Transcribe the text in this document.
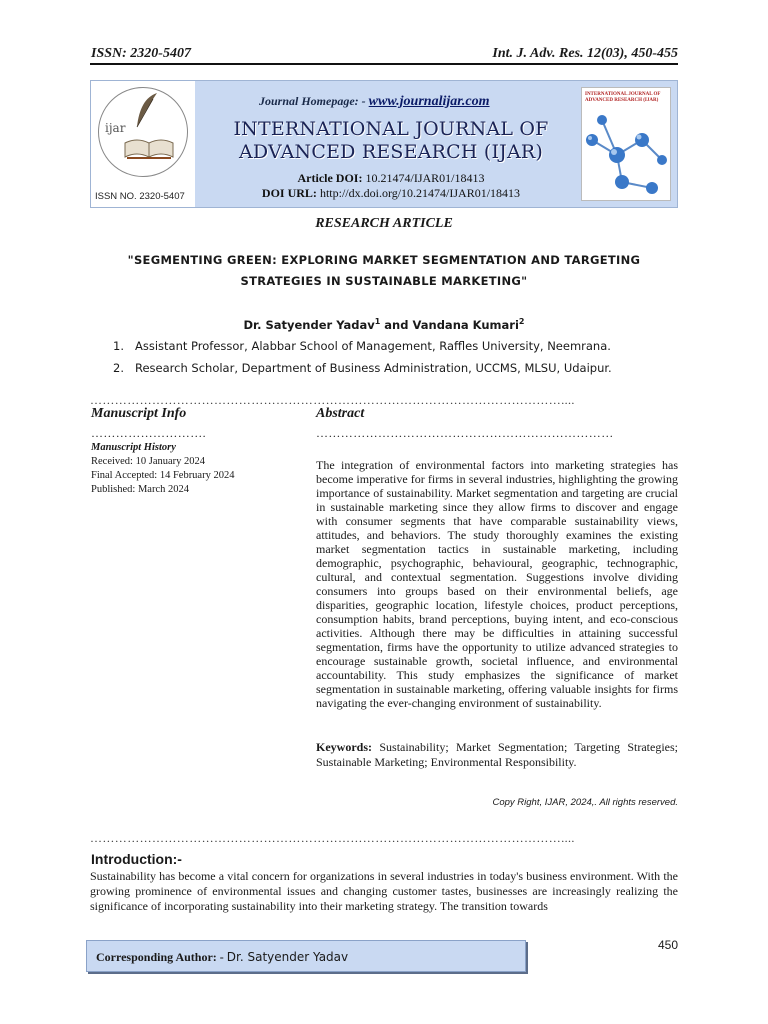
ISSN: 2320-5407	Int. J. Adv. Res. 12(03), 450-455
ijar
ISSN NO. 2320-5407
Journal Homepage: - www.journalijar.com
INTERNATIONAL JOURNAL OF
ADVANCED RESEARCH (IJAR)
Article DOI: 10.21474/IJAR01/18413
DOI URL: http://dx.doi.org/10.21474/IJAR01/18413
INTERNATIONAL JOURNAL OF ADVANCED RESEARCH (IJAR)
RESEARCH ARTICLE
"SEGMENTING GREEN: EXPLORING MARKET SEGMENTATION AND TARGETING
STRATEGIES IN SUSTAINABLE MARKETING"
Dr. Satyender Yadav$^1$ and Vandana Kumari$^2$
1. Assistant Professor, Alabbar School of Management, Raffles University, Neemrana.
2. Research Scholar, Department of Business Administration, UCCMS, MLSU, Udaipur.
……………………………………………………………………………………………………....
Manuscript Info
……………………….
Manuscript History
Received: 10 January 2024
Final Accepted: 14 February 2024
Published: March 2024
Abstract
………………………………………………………………
The integration of environmental factors into marketing strategies has become imperative for firms in several industries, highlighting the growing importance of sustainability. Market segmentation and targeting are crucial in sustainable marketing since they allow firms to discover and engage with consumer segments that have comparable sustainability views, attitudes, and behaviors. The study thoroughly examines the existing market segmentation tactics in sustainable marketing, including demographic, psychographic, behavioural, geographic, technographic, cultural, and contextual segmentation. Suggestions involve dividing consumers into groups based on their environmental beliefs, age disparities, geographic location, lifestyle choices, product perceptions, consumption habits, brand perceptions, buying intent, and eco-conscious activities. Although there may be difficulties in attaining successful segmentation, firms have the opportunity to utilize advanced strategies to encourage sustainable growth, societal influence, and environmental accountability. This study emphasizes the significance of market segmentation in sustainable marketing, offering valuable insights for firms navigating the ever-changing environment of sustainability.
Keywords: Sustainability; Market Segmentation; Targeting Strategies; Sustainable Marketing; Environmental Responsibility.
Copy Right, IJAR, 2024,. All rights reserved.
……………………………………………………………………………………………………....
Introduction:-
Sustainability has become a vital concern for organizations in several industries in today's business environment. With the growing prominence of environmental issues and changing customer tastes, businesses are increasingly realizing the significance of incorporating sustainability into their marketing strategy. The transition towards
450
Corresponding Author: - Dr. Satyender Yadav
